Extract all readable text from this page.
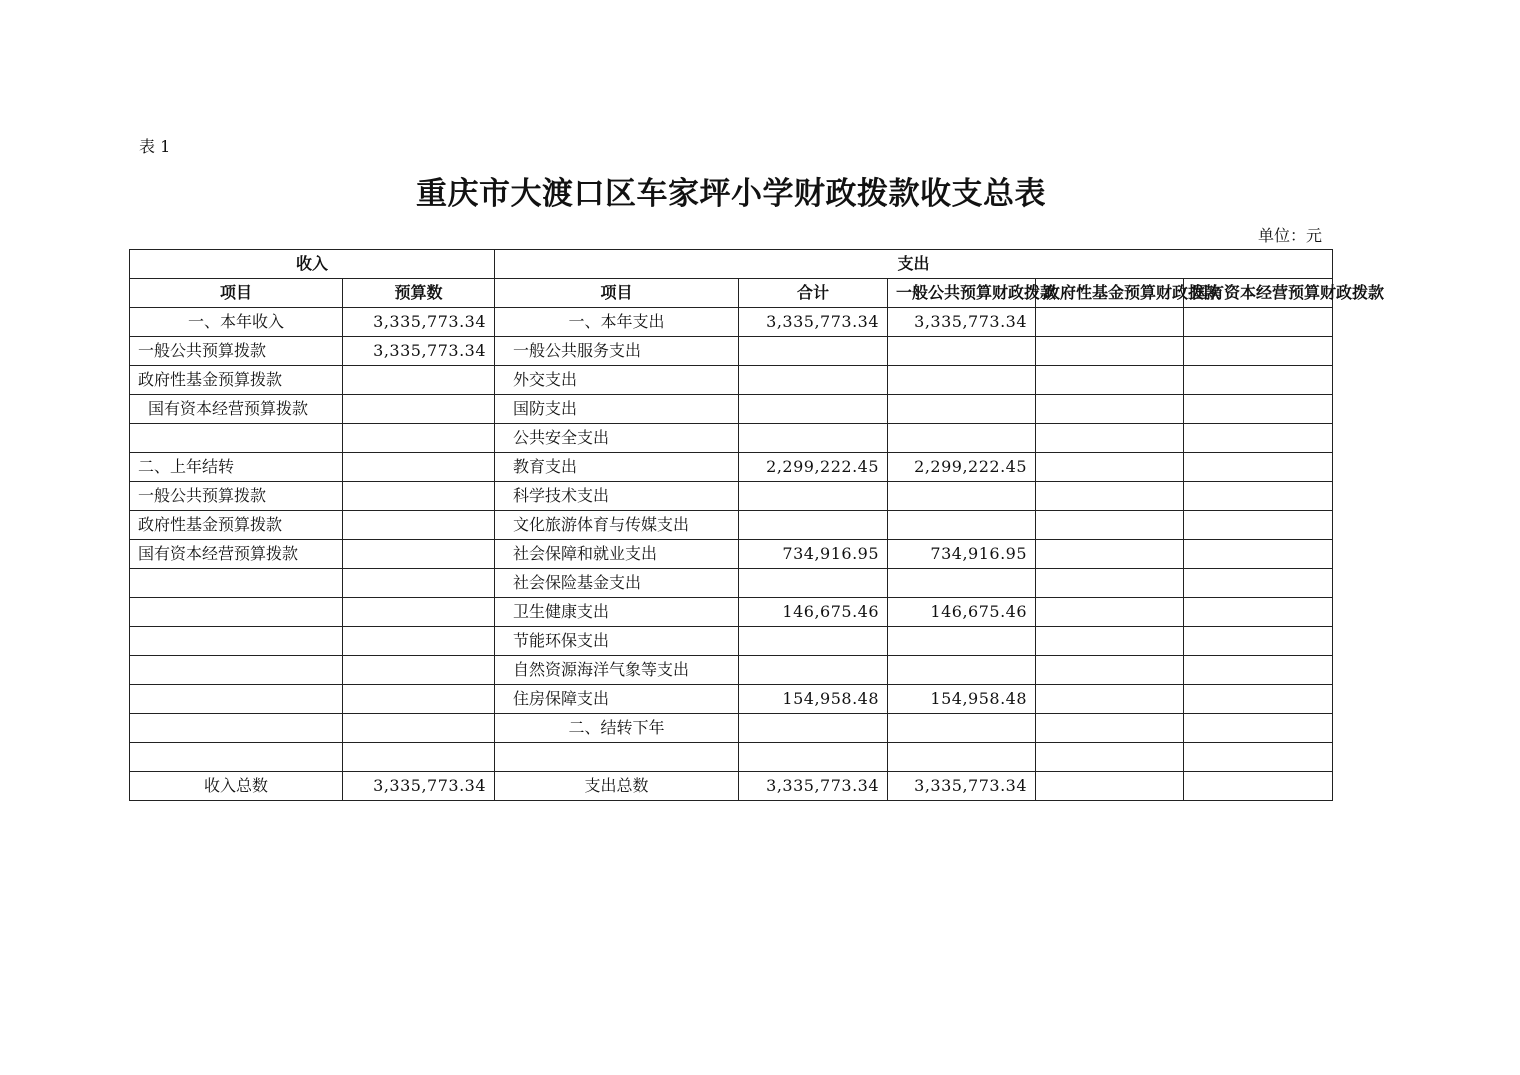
表 1
重庆市大渡口区车家坪小学财政拨款收支总表
单位：元
收入		支出				
项目	预算数	项目	合计	一般公共预算财政拨款	政府性基金预算财政拨款	国有资本经营预算财政拨款
一、本年收入	3,335,773.34	一、本年支出	3,335,773.34	3,335,773.34		
一般公共预算拨款	3,335,773.34	一般公共服务支出				
政府性基金预算拨款		外交支出				
国有资本经营预算拨款		国防支出				
		公共安全支出				
二、上年结转		教育支出	2,299,222.45	2,299,222.45		
一般公共预算拨款		科学技术支出				
政府性基金预算拨款		文化旅游体育与传媒支出				
国有资本经营预算拨款		社会保障和就业支出	734,916.95	734,916.95		
		社会保险基金支出				
		卫生健康支出	146,675.46	146,675.46		
		节能环保支出				
		自然资源海洋气象等支出				
		住房保障支出	154,958.48	154,958.48		
		二、结转下年				

收入总数	3,335,773.34	支出总数	3,335,773.34	3,335,773.34		
